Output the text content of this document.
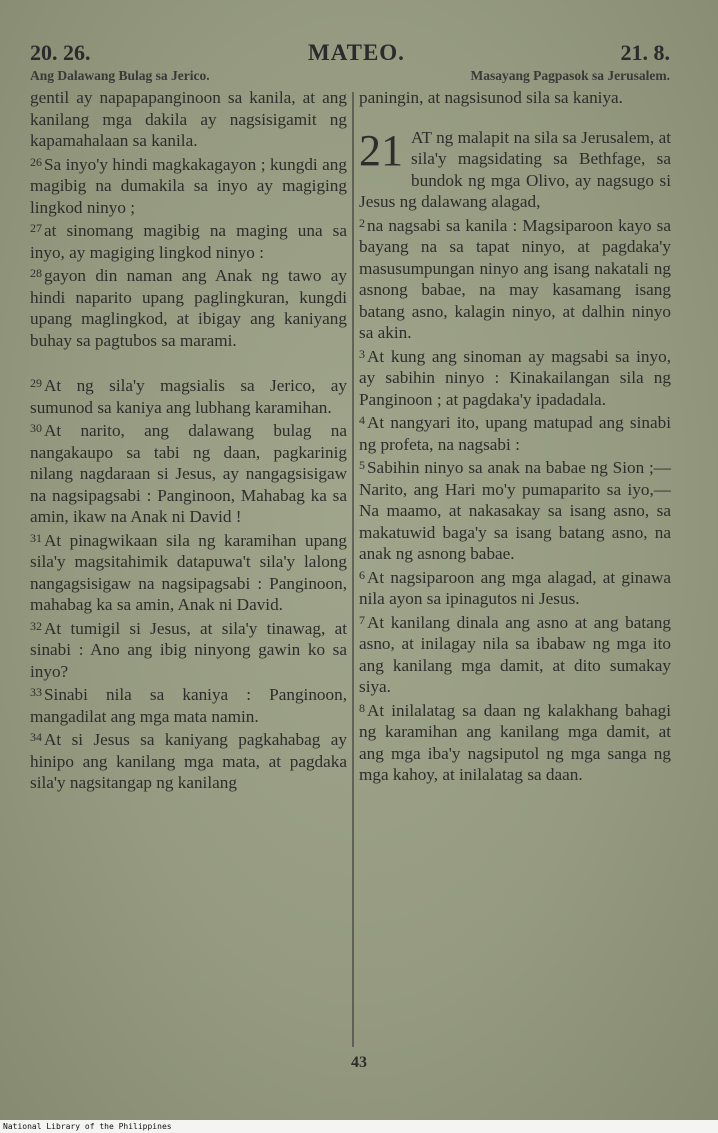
20. 26.	MATEO.	21. 8.
Ang Dalawang Bulag sa Jerico.	Masayang Pagpasok sa Jerusalem.

gentil ay napapapanginoon sa kanila, at ang kanilang mga dakila ay nagsisigamit ng kapamahalaan sa kanila.

$^{26}$ Sa inyo'y hindi magkakagayon ; kungdi ang magibig na dumakila sa inyo ay magiging lingkod ninyo ;

$^{27}$ at sinomang magibig na maging una sa inyo, ay magiging lingkod ninyo :

$^{28}$ gayon din naman ang Anak ng tawo ay hindi naparito upang paglingkuran, kungdi upang maglingkod, at ibigay ang kaniyang buhay sa pagtubos sa marami.

$^{29}$ At ng sila'y magsialis sa Jerico, ay sumunod sa kaniya ang lubhang karamihan.

$^{30}$ At narito, ang dalawang bulag na nangakaupo sa tabi ng daan, pagkarinig nilang nagdaraan si Jesus, ay nangagsisigaw na nagsipagsabi : Panginoon, Mahabag ka sa amin, ikaw na Anak ni David !

$^{31}$ At pinagwikaan sila ng karamihan upang sila'y magsitahimik datapuwa't sila'y lalong nangagsisigaw na nagsipagsabi : Panginoon, mahabag ka sa amin, Anak ni David.

$^{32}$ At tumigil si Jesus, at sila'y tinawag, at sinabi : Ano ang ibig ninyong gawin ko sa inyo?

$^{33}$ Sinabi nila sa kaniya : Panginoon, mangadilat ang mga mata namin.

$^{34}$ At si Jesus sa kaniyang pagkahabag ay hinipo ang kanilang mga mata, at pagdaka sila'y nagsitangap ng kanilang

paningin, at nagsisunod sila sa kaniya.

21 AT ng malapit na sila sa Jerusalem, at sila'y magsidating sa Bethfage, sa bundok ng mga Olivo, ay nagsugo si Jesus ng dalawang alagad,

$^2$ na nagsabi sa kanila : Magsiparoon kayo sa bayang na sa tapat ninyo, at pagdaka'y masusumpungan ninyo ang isang nakatali ng asnong babae, na may kasamang isang batang asno, kalagin ninyo, at dalhin ninyo sa akin.

$^3$ At kung ang sinoman ay magsabi sa inyo, ay sabihin ninyo : Kinakailangan sila ng Panginoon ; at pagdaka'y ipadadala.

$^4$ At nangyari ito, upang matupad ang sinabi ng profeta, na nagsabi :

$^5$ Sabihin ninyo sa anak na babae ng Sion ;—Narito, ang Hari mo'y pumaparito sa iyo,—Na maamo, at nakasakay sa isang asno, sa makatuwid baga'y sa isang batang asno, na anak ng asnong babae.

$^6$ At nagsiparoon ang mga alagad, at ginawa nila ayon sa ipinagutos ni Jesus.

$^7$ At kanilang dinala ang asno at ang batang asno, at inilagay nila sa ibabaw ng mga ito ang kanilang mga damit, at dito sumakay siya.

$^8$ At inilalatag sa daan ng kalakhang bahagi ng karamihan ang kanilang mga damit, at ang mga iba'y nagsiputol ng mga sanga ng mga kahoy, at inilalatag sa daan.

43
National Library of the Philippines
